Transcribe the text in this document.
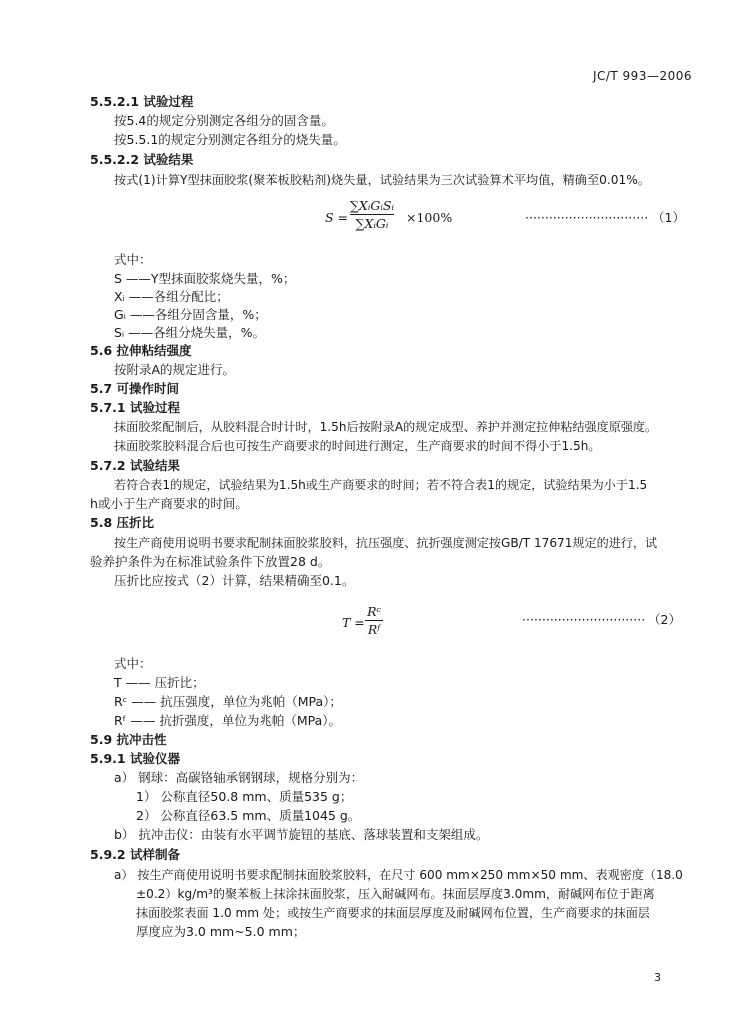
JC/T 993—2006
5.5.2.1 试验过程
按5.4的规定分别测定各组分的固含量。
按5.5.1的规定分别测定各组分的烧失量。
5.5.2.2 试验结果
按式(1)计算Y型抹面胶浆(聚苯板胶粘剂)烧失量，试验结果为三次试验算术平均值，精确至0.01%。
S =
∑XᵢGᵢSᵢ
∑XᵢGᵢ ×100%	······························· （1）
式中：
S ——Y型抹面胶浆烧失量，%；
Xᵢ ——各组分配比；
Gᵢ ——各组分固含量，%；
Sᵢ ——各组分烧失量，%。
5.6 拉伸粘结强度
按附录A的规定进行。
5.7 可操作时间
5.7.1 试验过程
抹面胶浆配制后，从胶料混合时计时，1.5h后按附录A的规定成型、养护并测定拉伸粘结强度原强度。
抹面胶浆胶料混合后也可按生产商要求的时间进行测定，生产商要求的时间不得小于1.5h。
5.7.2 试验结果
若符合表1的规定，试验结果为1.5h或生产商要求的时间；若不符合表1的规定，试验结果为小于1.5
h或小于生产商要求的时间。
5.8 压折比
按生产商使用说明书要求配制抹面胶浆胶料，抗压强度、抗折强度测定按GB/T 17671规定的进行，试
验养护条件为在标准试验条件下放置28 d。
压折比应按式（2）计算，结果精确至0.1。
T =
Rᶜ
Rᶠ
······························· （2）
式中：
T —— 压折比；
Rᶜ —— 抗压强度，单位为兆帕（MPa）；
Rᶠ —— 抗折强度，单位为兆帕（MPa）。
5.9 抗冲击性
5.9.1 试验仪器
a） 钢球：高碳铬轴承钢钢球，规格分别为：
1） 公称直径50.8 mm、质量535 g；
2） 公称直径63.5 mm、质量1045 g。
b） 抗冲击仪：由装有水平调节旋钮的基底、落球装置和支架组成。
5.9.2 试样制备
a） 按生产商使用说明书要求配制抹面胶浆胶料，在尺寸 600 mm×250 mm×50 mm、表观密度（18.0
±0.2）kg/m³的聚苯板上抹涂抹面胶浆，压入耐碱网布。抹面层厚度3.0mm，耐碱网布位于距离
抹面胶浆表面 1.0 mm 处；或按生产商要求的抹面层厚度及耐碱网布位置，生产商要求的抹面层
厚度应为3.0 mm~5.0 mm；
3
